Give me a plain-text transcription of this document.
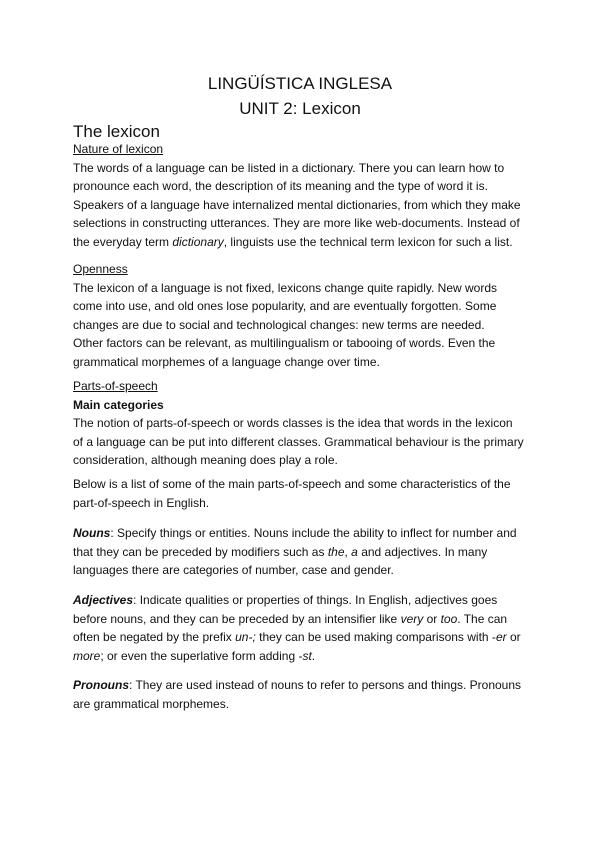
LINGÜÍSTICA INGLESA
UNIT 2: Lexicon
The lexicon
Nature of lexicon
The words of a language can be listed in a dictionary. There you can learn how to
pronounce each word, the description of its meaning and the type of word it is.
Speakers of a language have internalized mental dictionaries, from which they make
selections in constructing utterances. They are more like web-documents. Instead of
the everyday term dictionary, linguists use the technical term lexicon for such a list.
Openness
The lexicon of a language is not fixed, lexicons change quite rapidly. New words
come into use, and old ones lose popularity, and are eventually forgotten. Some
changes are due to social and technological changes: new terms are needed.
Other factors can be relevant, as multilingualism or tabooing of words. Even the
grammatical morphemes of a language change over time.
Parts-of-speech
Main categories
The notion of parts-of-speech or words classes is the idea that words in the lexicon
of a language can be put into different classes. Grammatical behaviour is the primary
consideration, although meaning does play a role.
Below is a list of some of the main parts-of-speech and some characteristics of the
part-of-speech in English.
Nouns: Specify things or entities. Nouns include the ability to inflect for number and
that they can be preceded by modifiers such as the, a and adjectives. In many
languages there are categories of number, case and gender.
Adjectives: Indicate qualities or properties of things. In English, adjectives goes
before nouns, and they can be preceded by an intensifier like very or too. The can
often be negated by the prefix un-; they can be used making comparisons with -er or
more; or even the superlative form adding -st.
Pronouns: They are used instead of nouns to refer to persons and things. Pronouns
are grammatical morphemes.
